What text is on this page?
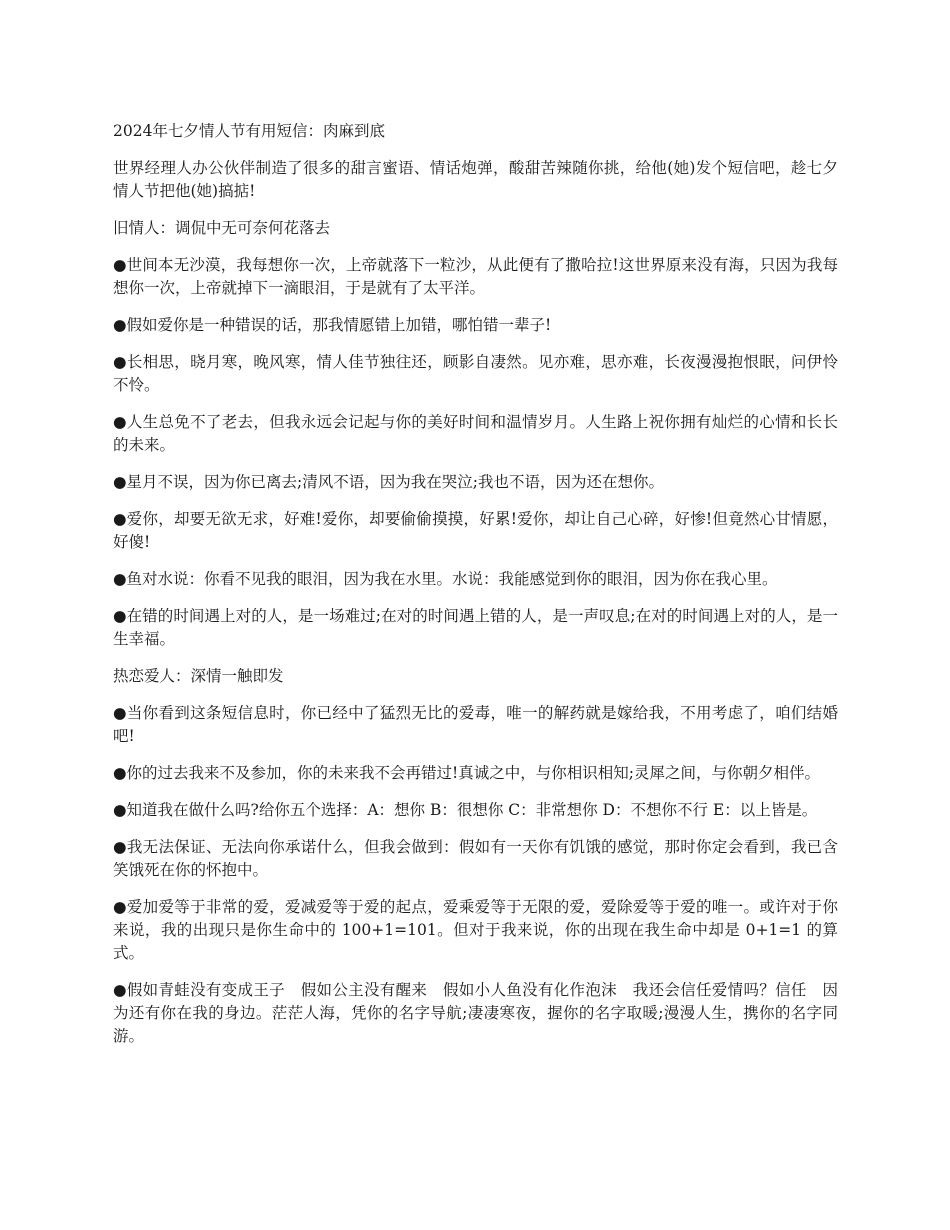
2024年七夕情人节有用短信：肉麻到底

世界经理人办公伙伴制造了很多的甜言蜜语、情话炮弹，酸甜苦辣随你挑，给他(她)发个短信吧，趁七夕情人节把他(她)搞掂!

旧情人：调侃中无可奈何花落去

●世间本无沙漠，我每想你一次，上帝就落下一粒沙，从此便有了撒哈拉!这世界原来没有海，只因为我每想你一次，上帝就掉下一滴眼泪，于是就有了太平洋。

●假如爱你是一种错误的话，那我情愿错上加错，哪怕错一辈子!

●长相思，晓月寒，晚风寒，情人佳节独往还，顾影自凄然。见亦难，思亦难，长夜漫漫抱恨眠，问伊怜不怜。

●人生总免不了老去，但我永远会记起与你的美好时间和温情岁月。人生路上祝你拥有灿烂的心情和长长的未来。

●星月不误，因为你已离去;清风不语，因为我在哭泣;我也不语，因为还在想你。

●爱你，却要无欲无求，好难!爱你，却要偷偷摸摸，好累!爱你，却让自己心碎，好惨!但竟然心甘情愿，好傻!

●鱼对水说：你看不见我的眼泪，因为我在水里。水说：我能感觉到你的眼泪，因为你在我心里。

●在错的时间遇上对的人，是一场难过;在对的时间遇上错的人，是一声叹息;在对的时间遇上对的人，是一生幸福。

热恋爱人：深情一触即发

●当你看到这条短信息时，你已经中了猛烈无比的爱毒，唯一的解药就是嫁给我，不用考虑了，咱们结婚吧!

●你的过去我来不及参加，你的未来我不会再错过!真诚之中，与你相识相知;灵犀之间，与你朝夕相伴。

●知道我在做什么吗?给你五个选择：A：想你 B：很想你 C：非常想你 D：不想你不行 E：以上皆是。

●我无法保证、无法向你承诺什么，但我会做到：假如有一天你有饥饿的感觉，那时你定会看到，我已含笑饿死在你的怀抱中。

●爱加爱等于非常的爱，爱减爱等于爱的起点，爱乘爱等于无限的爱，爱除爱等于爱的唯一。或许对于你来说，我的出现只是你生命中的 100+1=101。但对于我来说，你的出现在我生命中却是 0+1=1 的算式。

●假如青蛙没有变成王子　假如公主没有醒来　假如小人鱼没有化作泡沫　我还会信任爱情吗？信任　因为还有你在我的身边。茫茫人海，凭你的名字导航;凄凄寒夜，握你的名字取暖;漫漫人生，携你的名字同游。
